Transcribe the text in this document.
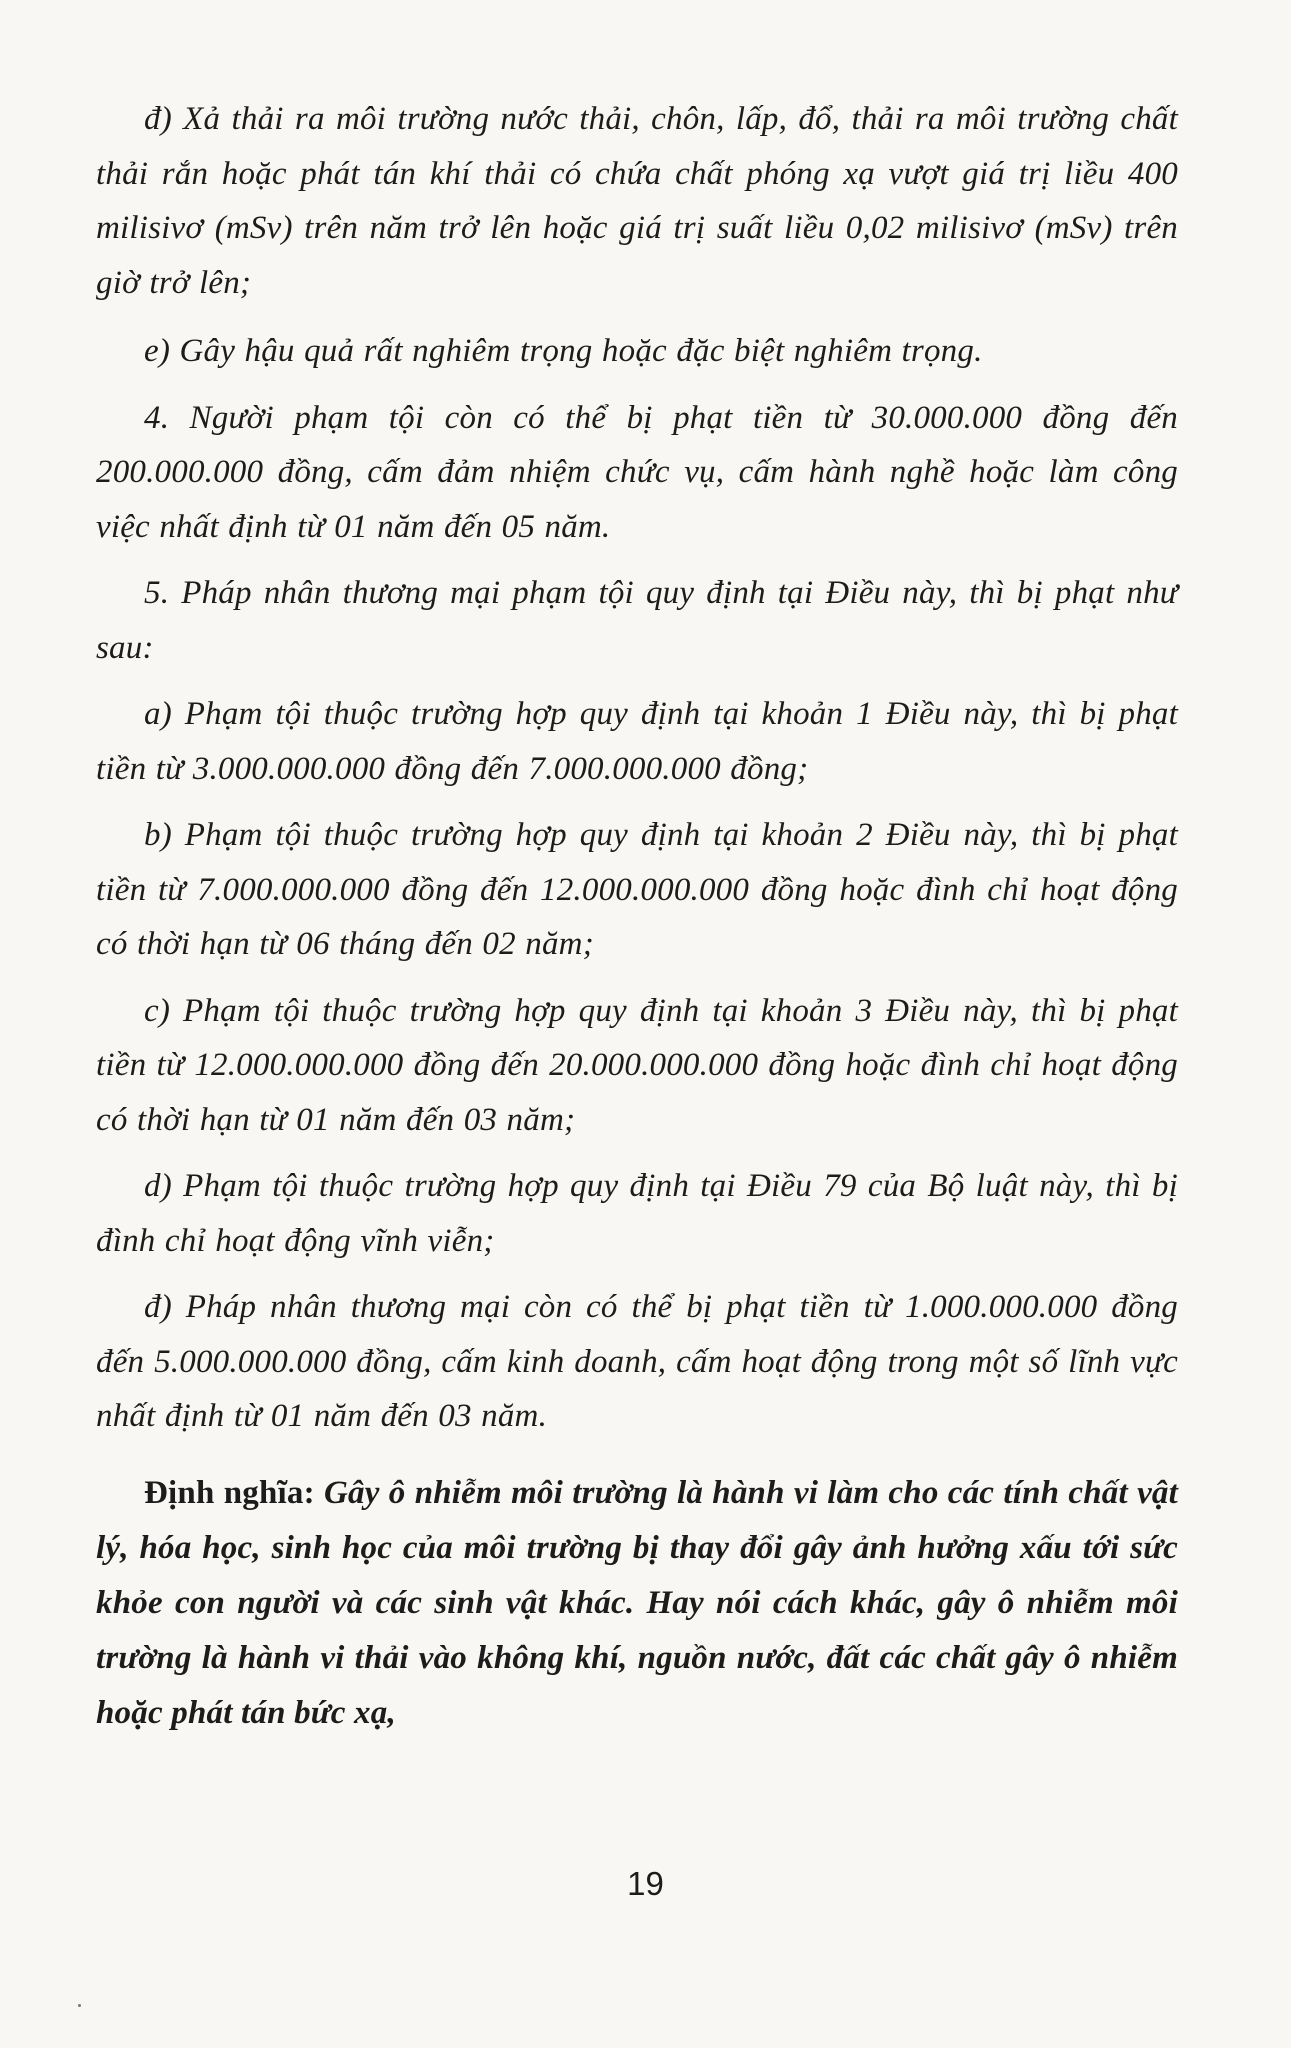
đ) Xả thải ra môi trường nước thải, chôn, lấp, đổ, thải ra môi trường chất thải rắn hoặc phát tán khí thải có chứa chất phóng xạ vượt giá trị liều 400 milisivơ (mSv) trên năm trở lên hoặc giá trị suất liều 0,02 milisivơ (mSv) trên giờ trở lên;

e) Gây hậu quả rất nghiêm trọng hoặc đặc biệt nghiêm trọng.

4. Người phạm tội còn có thể bị phạt tiền từ 30.000.000 đồng đến 200.000.000 đồng, cấm đảm nhiệm chức vụ, cấm hành nghề hoặc làm công việc nhất định từ 01 năm đến 05 năm.

5. Pháp nhân thương mại phạm tội quy định tại Điều này, thì bị phạt như sau:

a) Phạm tội thuộc trường hợp quy định tại khoản 1 Điều này, thì bị phạt tiền từ 3.000.000.000 đồng đến 7.000.000.000 đồng;

b) Phạm tội thuộc trường hợp quy định tại khoản 2 Điều này, thì bị phạt tiền từ 7.000.000.000 đồng đến 12.000.000.000 đồng hoặc đình chỉ hoạt động có thời hạn từ 06 tháng đến 02 năm;

c) Phạm tội thuộc trường hợp quy định tại khoản 3 Điều này, thì bị phạt tiền từ 12.000.000.000 đồng đến 20.000.000.000 đồng hoặc đình chỉ hoạt động có thời hạn từ 01 năm đến 03 năm;

d) Phạm tội thuộc trường hợp quy định tại Điều 79 của Bộ luật này, thì bị đình chỉ hoạt động vĩnh viễn;

đ) Pháp nhân thương mại còn có thể bị phạt tiền từ 1.000.000.000 đồng đến 5.000.000.000 đồng, cấm kinh doanh, cấm hoạt động trong một số lĩnh vực nhất định từ 01 năm đến 03 năm.

Định nghĩa: Gây ô nhiễm môi trường là hành vi làm cho các tính chất vật lý, hóa học, sinh học của môi trường bị thay đổi gây ảnh hưởng xấu tới sức khỏe con người và các sinh vật khác. Hay nói cách khác, gây ô nhiễm môi trường là hành vi thải vào không khí, nguồn nước, đất các chất gây ô nhiễm hoặc phát tán bức xạ,

19
